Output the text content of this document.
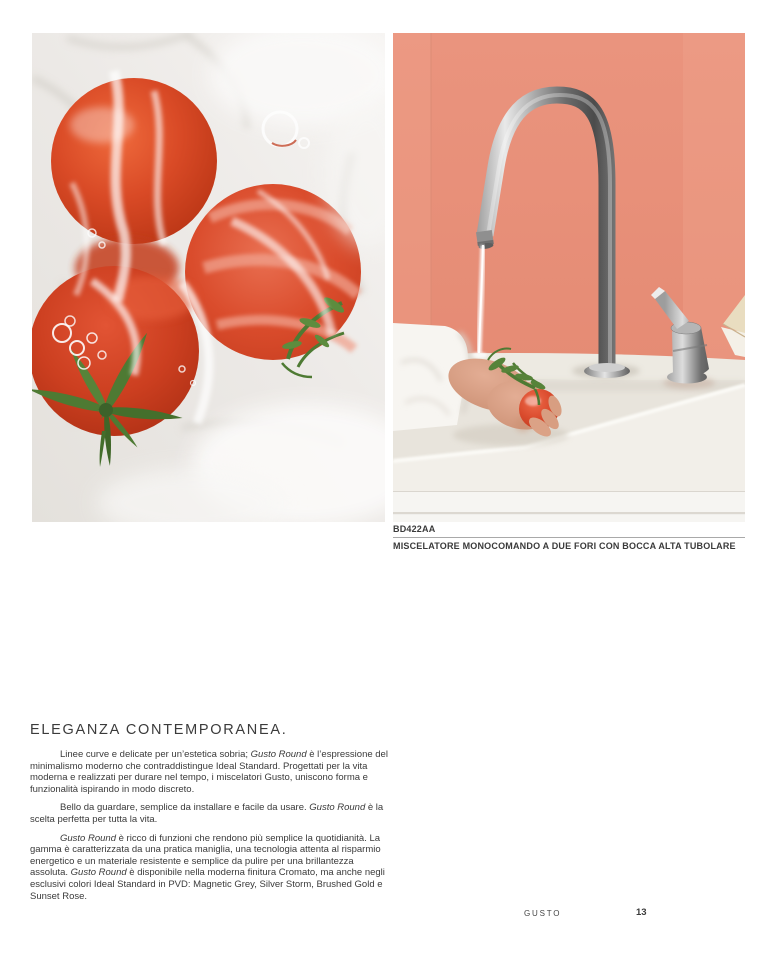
BD422AA
MISCELATORE MONOCOMANDO A DUE FORI CON BOCCA ALTA TUBOLARE
ELEGANZA CONTEMPORANEA.

Linee curve e delicate per un’estetica sobria; Gusto Round è l’espressione del minimalismo moderno che contraddistingue Ideal Standard. Progettati per la vita moderna e realizzati per durare nel tempo, i miscelatori Gusto, uniscono forma e funzionalità ispirando in modo discreto.

Bello da guardare, semplice da installare e facile da usare. Gusto Round è la scelta perfetta per tutta la vita.

Gusto Round è ricco di funzioni che rendono più semplice la quotidianità. La gamma è caratterizzata da una pratica maniglia, una tecnologia attenta al risparmio energetico e un materiale resistente e semplice da pulire per una brillantezza assoluta. Gusto Round è disponibile nella moderna finitura Cromato, ma anche negli esclusivi colori Ideal Standard in PVD: Magnetic Grey, Silver Storm, Brushed Gold e Sunset Rose.

GUSTO	13
